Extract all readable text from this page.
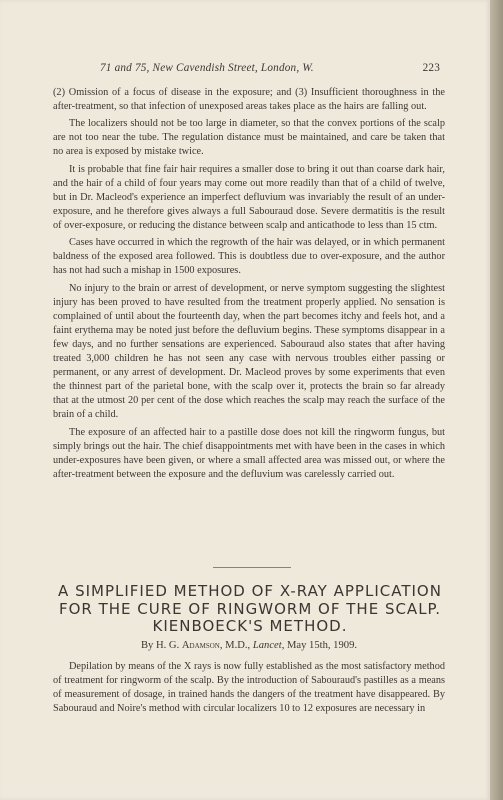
71 and 75, New Cavendish Street, London, W.	223

(2) Omission of a focus of disease in the exposure; and (3) Insufficient thoroughness in the after-treatment, so that infection of unexposed areas takes place as the hairs are falling out.

The localizers should not be too large in diameter, so that the convex portions of the scalp are not too near the tube. The regulation distance must be maintained, and care be taken that no area is exposed by mistake twice.

It is probable that fine fair hair requires a smaller dose to bring it out than coarse dark hair, and the hair of a child of four years may come out more readily than that of a child of twelve, but in Dr. Macleod's experience an imperfect defluvium was invariably the result of an under-exposure, and he therefore gives always a full Sabouraud dose. Severe dermatitis is the result of over-exposure, or reducing the distance between scalp and anticathode to less than 15 ctm.

Cases have occurred in which the regrowth of the hair was delayed, or in which permanent baldness of the exposed area followed. This is doubtless due to over-exposure, and the author has not had such a mishap in 1500 exposures.

No injury to the brain or arrest of development, or nerve symptom suggesting the slightest injury has been proved to have resulted from the treatment properly applied. No sensation is complained of until about the fourteenth day, when the part becomes itchy and feels hot, and a faint erythema may be noted just before the defluvium begins. These symptoms disappear in a few days, and no further sensations are experienced. Sabouraud also states that after having treated 3,000 children he has not seen any case with nervous troubles either passing or permanent, or any arrest of development. Dr. Macleod proves by some experiments that even the thinnest part of the parietal bone, with the scalp over it, protects the brain so far already that at the utmost 20 per cent of the dose which reaches the scalp may reach the surface of the brain of a child.

The exposure of an affected hair to a pastille dose does not kill the ringworm fungus, but simply brings out the hair. The chief disappointments met with have been in the cases in which under-exposures have been given, or where a small affected area was missed out, or where the after-treatment between the exposure and the defluvium was carelessly carried out.

A SIMPLIFIED METHOD OF X-RAY APPLICATION
FOR THE CURE OF RINGWORM OF THE SCALP.
KIENBOECK'S METHOD.
By H. G. Adamson, M.D., Lancet, May 15th, 1909.

Depilation by means of the X rays is now fully established as the most satisfactory method of treatment for ringworm of the scalp. By the introduction of Sabouraud's pastilles as a means of measurement of dosage, in trained hands the dangers of the treatment have disappeared. By Sabouraud and Noire's method with circular localizers 10 to 12 exposures are necessary in
